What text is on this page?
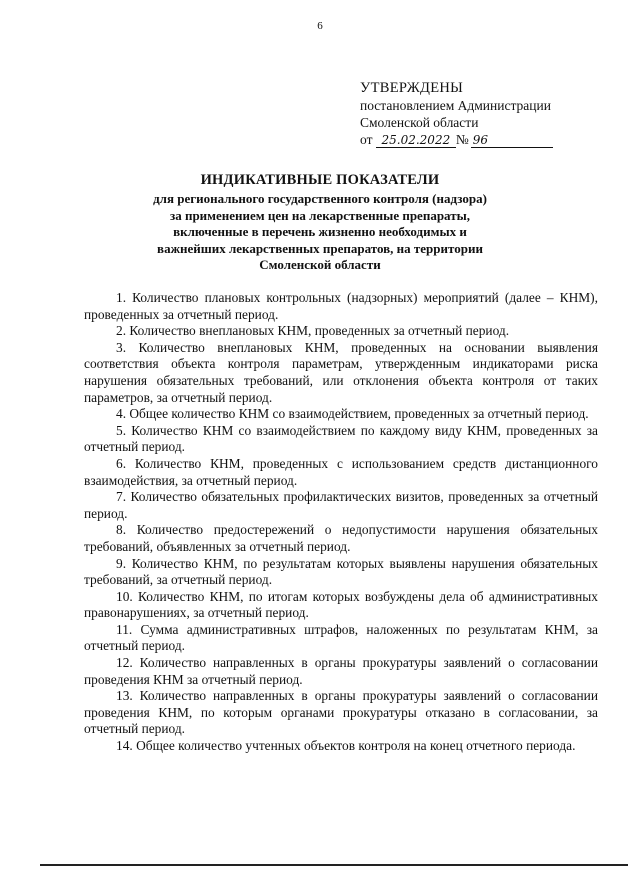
6
УТВЕРЖДЕНЫ
постановлением Администрации
Смоленской области
от
25.02.2022 № 96
ИНДИКАТИВНЫЕ ПОКАЗАТЕЛИ
для регионального государственного контроля (надзора) за применением цен на лекарственные препараты, включенные в перечень жизненно необходимых и важнейших лекарственных препаратов, на территории Смоленской области

1. Количество плановых контрольных (надзорных) мероприятий (далее – КНМ), проведенных за отчетный период.

2. Количество внеплановых КНМ, проведенных за отчетный период.

3. Количество внеплановых КНМ, проведенных на основании выявления соответствия объекта контроля параметрам, утвержденным индикаторами риска нарушения обязательных требований, или отклонения объекта контроля от таких параметров, за отчетный период.

4. Общее количество КНМ со взаимодействием, проведенных за отчетный период.

5. Количество КНМ со взаимодействием по каждому виду КНМ, проведенных за отчетный период.

6. Количество КНМ, проведенных с использованием средств дистанционного взаимодействия, за отчетный период.

7. Количество обязательных профилактических визитов, проведенных за отчетный период.

8. Количество предостережений о недопустимости нарушения обязательных требований, объявленных за отчетный период.

9. Количество КНМ, по результатам которых выявлены нарушения обязательных требований, за отчетный период.

10. Количество КНМ, по итогам которых возбуждены дела об административных правонарушениях, за отчетный период.

11. Сумма административных штрафов, наложенных по результатам КНМ, за отчетный период.

12. Количество направленных в органы прокуратуры заявлений о согласовании проведения КНМ за отчетный период.

13. Количество направленных в органы прокуратуры заявлений о согласовании проведения КНМ, по которым органами прокуратуры отказано в согласовании, за отчетный период.

14. Общее количество учтенных объектов контроля на конец отчетного периода.
